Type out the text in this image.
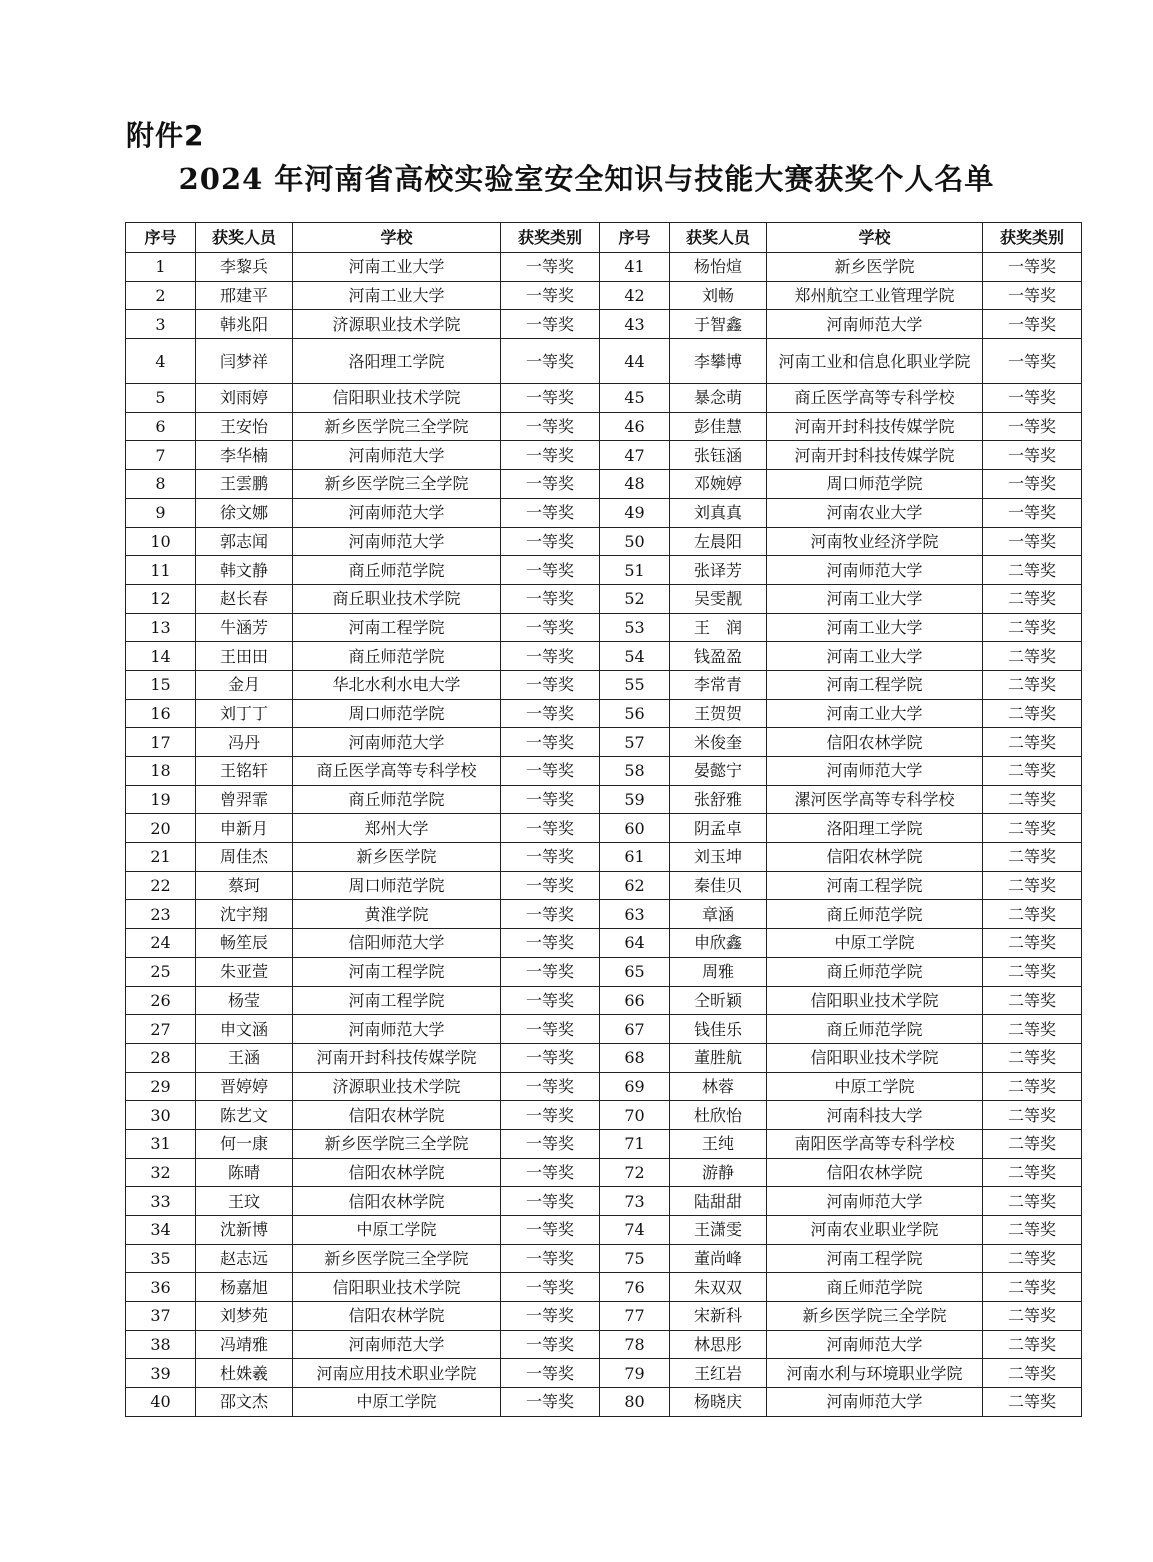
附件2
2024 年河南省高校实验室安全知识与技能大赛获奖个人名单
序号	获奖人员	学校	获奖类别	序号	获奖人员	学校	获奖类别
1	李黎兵	河南工业大学	一等奖	41	杨怡煊	新乡医学院	一等奖
2	邢建平	河南工业大学	一等奖	42	刘畅	郑州航空工业管理学院	一等奖
3	韩兆阳	济源职业技术学院	一等奖	43	于智鑫	河南师范大学	一等奖
4	闫梦祥	洛阳理工学院	一等奖	44	李攀博	河南工业和信息化职业学院	一等奖
5	刘雨婷	信阳职业技术学院	一等奖	45	暴念萌	商丘医学高等专科学校	一等奖
6	王安怡	新乡医学院三全学院	一等奖	46	彭佳慧	河南开封科技传媒学院	一等奖
7	李华楠	河南师范大学	一等奖	47	张钰涵	河南开封科技传媒学院	一等奖
8	王雲鹏	新乡医学院三全学院	一等奖	48	邓婉婷	周口师范学院	一等奖
9	徐文娜	河南师范大学	一等奖	49	刘真真	河南农业大学	一等奖
10	郭志闻	河南师范大学	一等奖	50	左晨阳	河南牧业经济学院	一等奖
11	韩文静	商丘师范学院	一等奖	51	张译芳	河南师范大学	二等奖
12	赵长春	商丘职业技术学院	一等奖	52	吴雯靓	河南工业大学	二等奖
13	牛涵芳	河南工程学院	一等奖	53	王　润	河南工业大学	二等奖
14	王田田	商丘师范学院	一等奖	54	钱盈盈	河南工业大学	二等奖
15	金月	华北水利水电大学	一等奖	55	李常青	河南工程学院	二等奖
16	刘丁丁	周口师范学院	一等奖	56	王贺贺	河南工业大学	二等奖
17	冯丹	河南师范大学	一等奖	57	米俊奎	信阳农林学院	二等奖
18	王铭轩	商丘医学高等专科学校	一等奖	58	晏懿宁	河南师范大学	二等奖
19	曾羿霏	商丘师范学院	一等奖	59	张舒雅	漯河医学高等专科学校	二等奖
20	申新月	郑州大学	一等奖	60	阴孟卓	洛阳理工学院	二等奖
21	周佳杰	新乡医学院	一等奖	61	刘玉坤	信阳农林学院	二等奖
22	蔡珂	周口师范学院	一等奖	62	秦佳贝	河南工程学院	二等奖
23	沈宇翔	黄淮学院	一等奖	63	章涵	商丘师范学院	二等奖
24	畅笙辰	信阳师范大学	一等奖	64	申欣鑫	中原工学院	二等奖
25	朱亚萱	河南工程学院	一等奖	65	周雅	商丘师范学院	二等奖
26	杨莹	河南工程学院	一等奖	66	仝昕颖	信阳职业技术学院	二等奖
27	申文涵	河南师范大学	一等奖	67	钱佳乐	商丘师范学院	二等奖
28	王涵	河南开封科技传媒学院	一等奖	68	董胜航	信阳职业技术学院	二等奖
29	晋婷婷	济源职业技术学院	一等奖	69	林蓉	中原工学院	二等奖
30	陈艺文	信阳农林学院	一等奖	70	杜欣怡	河南科技大学	二等奖
31	何一康	新乡医学院三全学院	一等奖	71	王纯	南阳医学高等专科学校	二等奖
32	陈晴	信阳农林学院	一等奖	72	游静	信阳农林学院	二等奖
33	王玟	信阳农林学院	一等奖	73	陆甜甜	河南师范大学	二等奖
34	沈新博	中原工学院	一等奖	74	王潇雯	河南农业职业学院	二等奖
35	赵志远	新乡医学院三全学院	一等奖	75	董尚峰	河南工程学院	二等奖
36	杨嘉旭	信阳职业技术学院	一等奖	76	朱双双	商丘师范学院	二等奖
37	刘梦苑	信阳农林学院	一等奖	77	宋新科	新乡医学院三全学院	二等奖
38	冯靖雅	河南师范大学	一等奖	78	林思彤	河南师范大学	二等奖
39	杜姝羲	河南应用技术职业学院	一等奖	79	王红岩	河南水利与环境职业学院	二等奖
40	邵文杰	中原工学院	一等奖	80	杨晓庆	河南师范大学	二等奖
